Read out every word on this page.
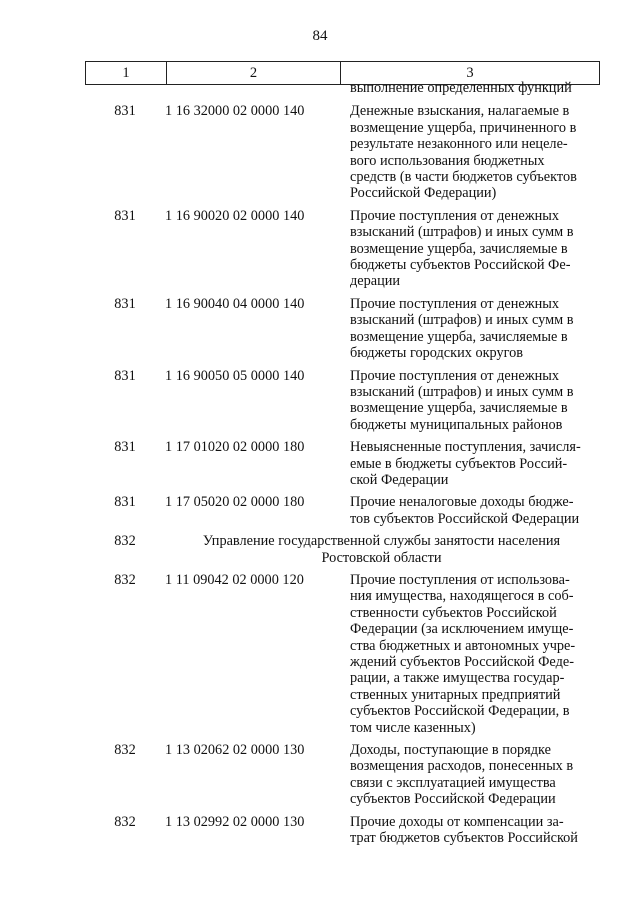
84
1	2	3
выполнение определенных функций
831	1 16 32000 02 0000 140	Денежные взыскания, налагаемые в
возмещение ущерба, причиненного в
результате незаконного или нецеле-
вого использования бюджетных
средств (в части бюджетов субъектов
Российской Федерации)
831	1 16 90020 02 0000 140	Прочие поступления от денежных
взысканий (штрафов) и иных сумм в
возмещение ущерба, зачисляемые в
бюджеты субъектов Российской Фе-
дерации
831	1 16 90040 04 0000 140	Прочие поступления от денежных
взысканий (штрафов) и иных сумм в
возмещение ущерба, зачисляемые в
бюджеты городских округов
831	1 16 90050 05 0000 140	Прочие поступления от денежных
взысканий (штрафов) и иных сумм в
возмещение ущерба, зачисляемые в
бюджеты муниципальных районов
831	1 17 01020 02 0000 180	Невыясненные поступления, зачисля-
емые в бюджеты субъектов Россий-
ской Федерации
831	1 17 05020 02 0000 180	Прочие неналоговые доходы бюдже-
тов субъектов Российской Федерации
832	Управление государственной службы занятости населения
Ростовской области
832	1 11 09042 02 0000 120	Прочие поступления от использова-
ния имущества, находящегося в соб-
ственности субъектов Российской
Федерации (за исключением имуще-
ства бюджетных и автономных учре-
ждений субъектов Российской Феде-
рации, а также имущества государ-
ственных унитарных предприятий
субъектов Российской Федерации, в
том числе казенных)
832	1 13 02062 02 0000 130	Доходы, поступающие в порядке
возмещения расходов, понесенных в
связи с эксплуатацией имущества
субъектов Российской Федерации
832	1 13 02992 02 0000 130	Прочие доходы от компенсации за-
трат бюджетов субъектов Российской
